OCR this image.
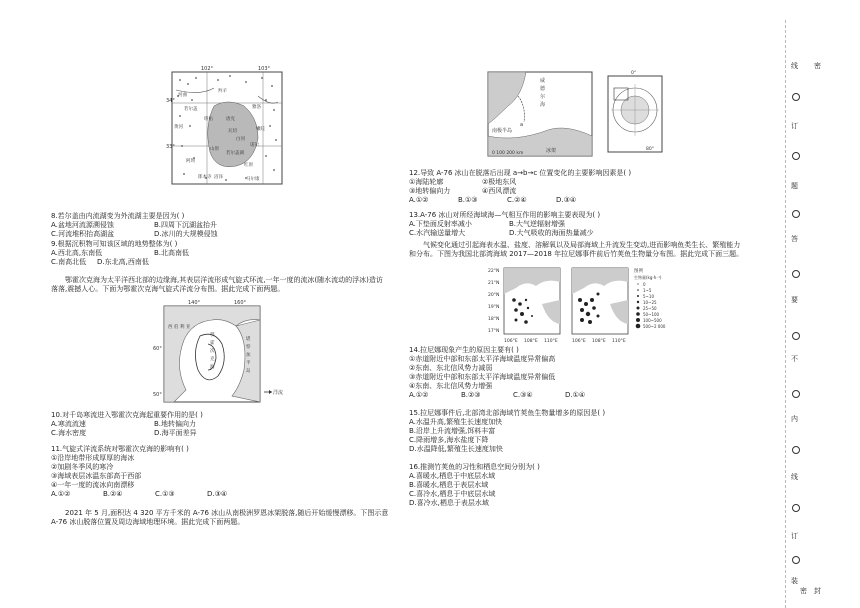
102°	103°
34°
33°
河曲
若尔盖
羚羊
雅洛
唐克
红原
黄河
白河
阿坝
嫩哇
瓦切
山原
若尔盖湖
郎木寺	马尔康
班佑
诺尔
沼泽
8.若尔盖由内流湖变为外流湖主要是因为( )
A.盆地河流源溯侵蚀	B.四周下沉湖盆抬升
C.河流堆积抬高湖盆	D.冰川的大规模侵蚀
9.根据沉积物可知该区域的地势整体为( )
A.西北高,东南低	B.北高南低
C.南高北低 D.东北高,西南低
鄂霍次克海为太平洋西北部的边缘海,其表层洋流形成气旋式环流,一年一度的流冰(随水流动的浮冰)造访
落落,震撼人心。下面为鄂霍次克海气旋式洋流分布图。据此完成下面两题。
140°	160°
60°
50°
西 伯 利 亚
鄂
霍
次
克
海
堪
察
加
半
岛
洋流
10.对千岛寒流进入鄂霍次克海起重要作用的是( )
A.寒流流速	B.地转偏向力
C.海水密度	D.海平面差异
11.气旋式洋流系统对鄂霍次克海的影响有( )
①沿岸地带形成厚厚的海冰
②加剧冬季风的寒冷
③海域表层冰温东部高于西部
④一年一度的流冰向南漂移
A.①②	B.②④	C.①③	D.③④
2021 年 5 月,面积达 4 320 平方千米的 A-76 冰山从南极洲罗恩冰架脱落,随后开始缓慢漂移。下图示意
A-76 冰山脱落位置及周边海域地理环境。据此完成下面两题。
威
德
尔
海
南极半岛
冰架
a
0 100 200 km
0°
80°
12.导致 A-76 冰山在脱落后出现 a→b→c 位置变化的主要影响因素是( )
①海陆轮廓	②极地东风
③地转偏向力	④西风漂流
A.①②	B.①③	C.②④	D.③④
13.A-76 冰山对所经海域海—气相互作用的影响主要表现为( )
A.下垫面反射率减小	B.大气逆辐射增强
C.水汽输送量增大	D.大气吸收的海面热量减少
气候变化通过引起海表水温、盐度、溶解氧以及局部海域上升流发生变动,进而影响鱼类生长、繁殖能力
和分布。下图为我国北部湾海域 2017—2018 年拉尼娜事件前后竹荚鱼生物量分布图。据此完成下面三题。
22°N
21°N
20°N
19°N
18°N
17°N
106°E 108°E 110°E	106°E 108°E 110°E
图例
生物量(kg·h⁻¹)
0
1~5
5~10
10~25
25~50
50~100
100~500
500~2 000
14.拉尼娜现象产生的原因主要有( )
①赤道附近中部和东部太平洋海域温度异常偏高
②东南、东北信风势力减弱
③赤道附近中部和东部太平洋海域温度异常偏低
④东南、东北信风势力增强
A.①②	B.②③	C.③④	D.①④
15.拉尼娜事件后,北部湾北部海域竹荚鱼生物量增多的原因是( )
A.水温升高,繁殖生长速度加快
B.沿岸上升流增强,饵料丰富
C.降雨增多,海水盐度下降
D.水温降低,繁殖生长速度加快
16.推测竹荚鱼的习性和栖息空间分别为( )
A.喜暖水,栖息于中底层水域
B.喜暖水,栖息于表层水域
C.喜冷水,栖息于中底层水域
D.喜冷水,栖息于表层水域
线
订
题
答
要
不
内
线
订
装
封
密
密
